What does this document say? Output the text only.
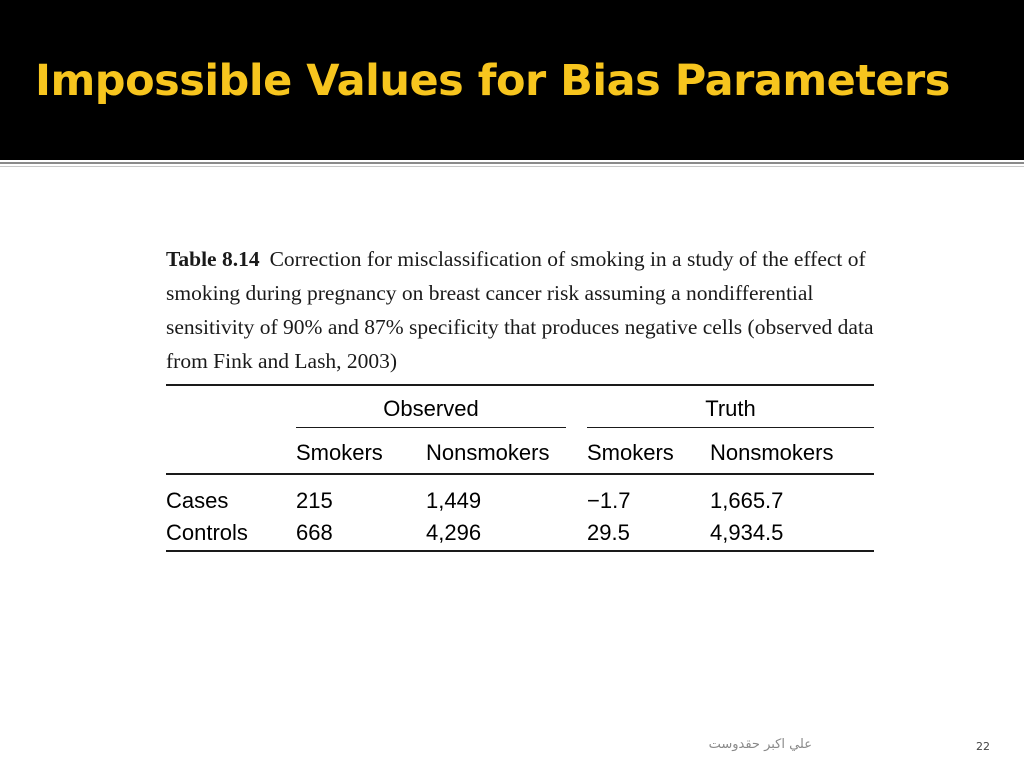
Impossible Values for Bias Parameters

Table 8.14 Correction for misclassification of smoking in a study of the effect of smoking during pregnancy on breast cancer risk assuming a nondifferential sensitivity of 90% and 87% specificity that produces negative cells (observed data from Fink and Lash, 2003)

Observed	Truth
Smokers Nonsmokers Smokers Nonsmokers
Cases	215	1,449	−1.7	1,665.7
Controls 668	4,296	29.5	4,934.5
علي اكبر حقدوست	22
